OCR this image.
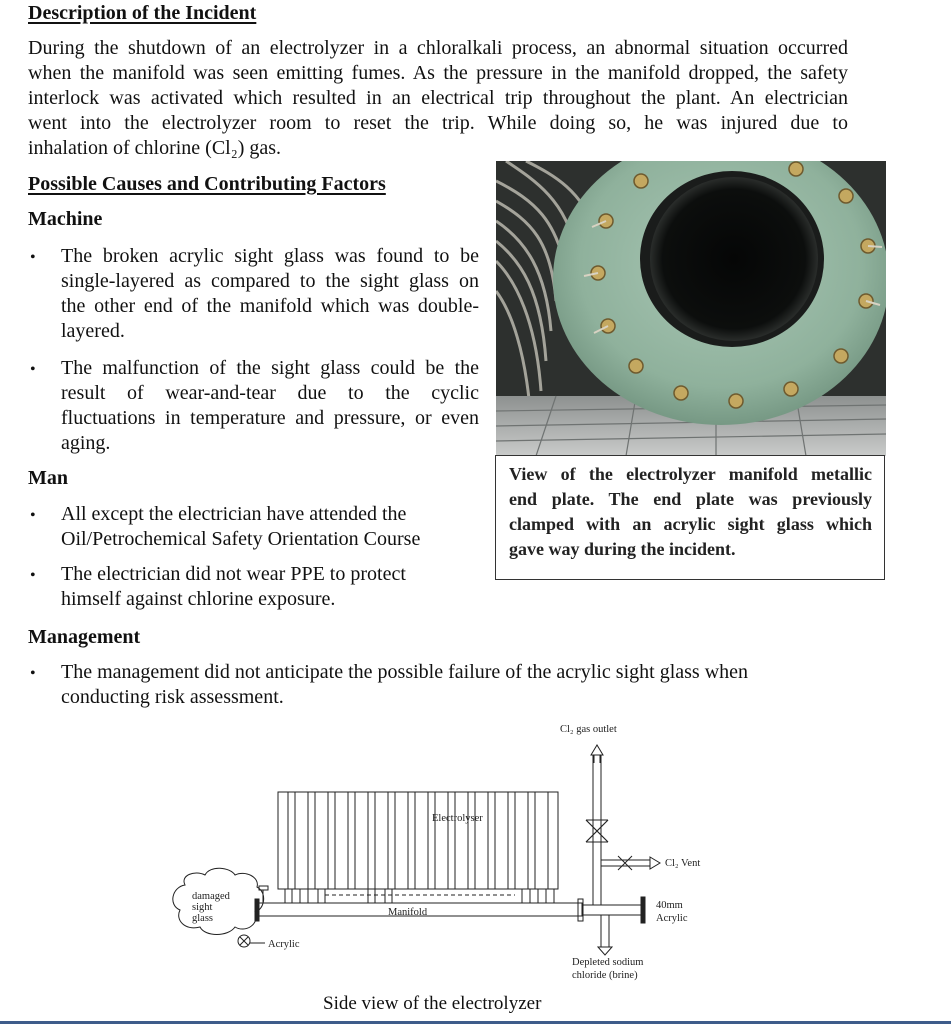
Description of the Incident
During the shutdown of an electrolyzer in a chloralkali process, an abnormal situation occurred
when the manifold was seen emitting fumes. As the pressure in the manifold dropped, the safety
interlock was activated which resulted in an electrical trip throughout the plant. An electrician
went into the electrolyzer room to reset the trip. While doing so, he was injured due to
inhalation of chlorine (Cl₂) gas.
Possible Causes and Contributing Factors
Machine
• The broken acrylic sight glass was found to be
single-layered as compared to the sight glass on
the other end of the manifold which was double-
layered.
• The malfunction of the sight glass could be the
result of wear-and-tear due to the cyclic
fluctuations in temperature and pressure, or even
aging.
Man
• All except the electrician have attended the
Oil/Petrochemical Safety Orientation Course
• The electrician did not wear PPE to protect
himself against chlorine exposure.
Management
• The management did not anticipate the possible failure of the acrylic sight glass when
conducting risk assessment.
View of the electrolyzer manifold metallic
end plate. The end plate was previously
clamped with an acrylic sight glass which
gave way during the incident.
Cl₂ gas outlet
Electrolyser
Cl₂ Vent
40mm
Acrylic
Manifold
damaged
sight
glass
Acrylic
Depleted sodium
chloride (brine)
Side view of the electrolyzer
